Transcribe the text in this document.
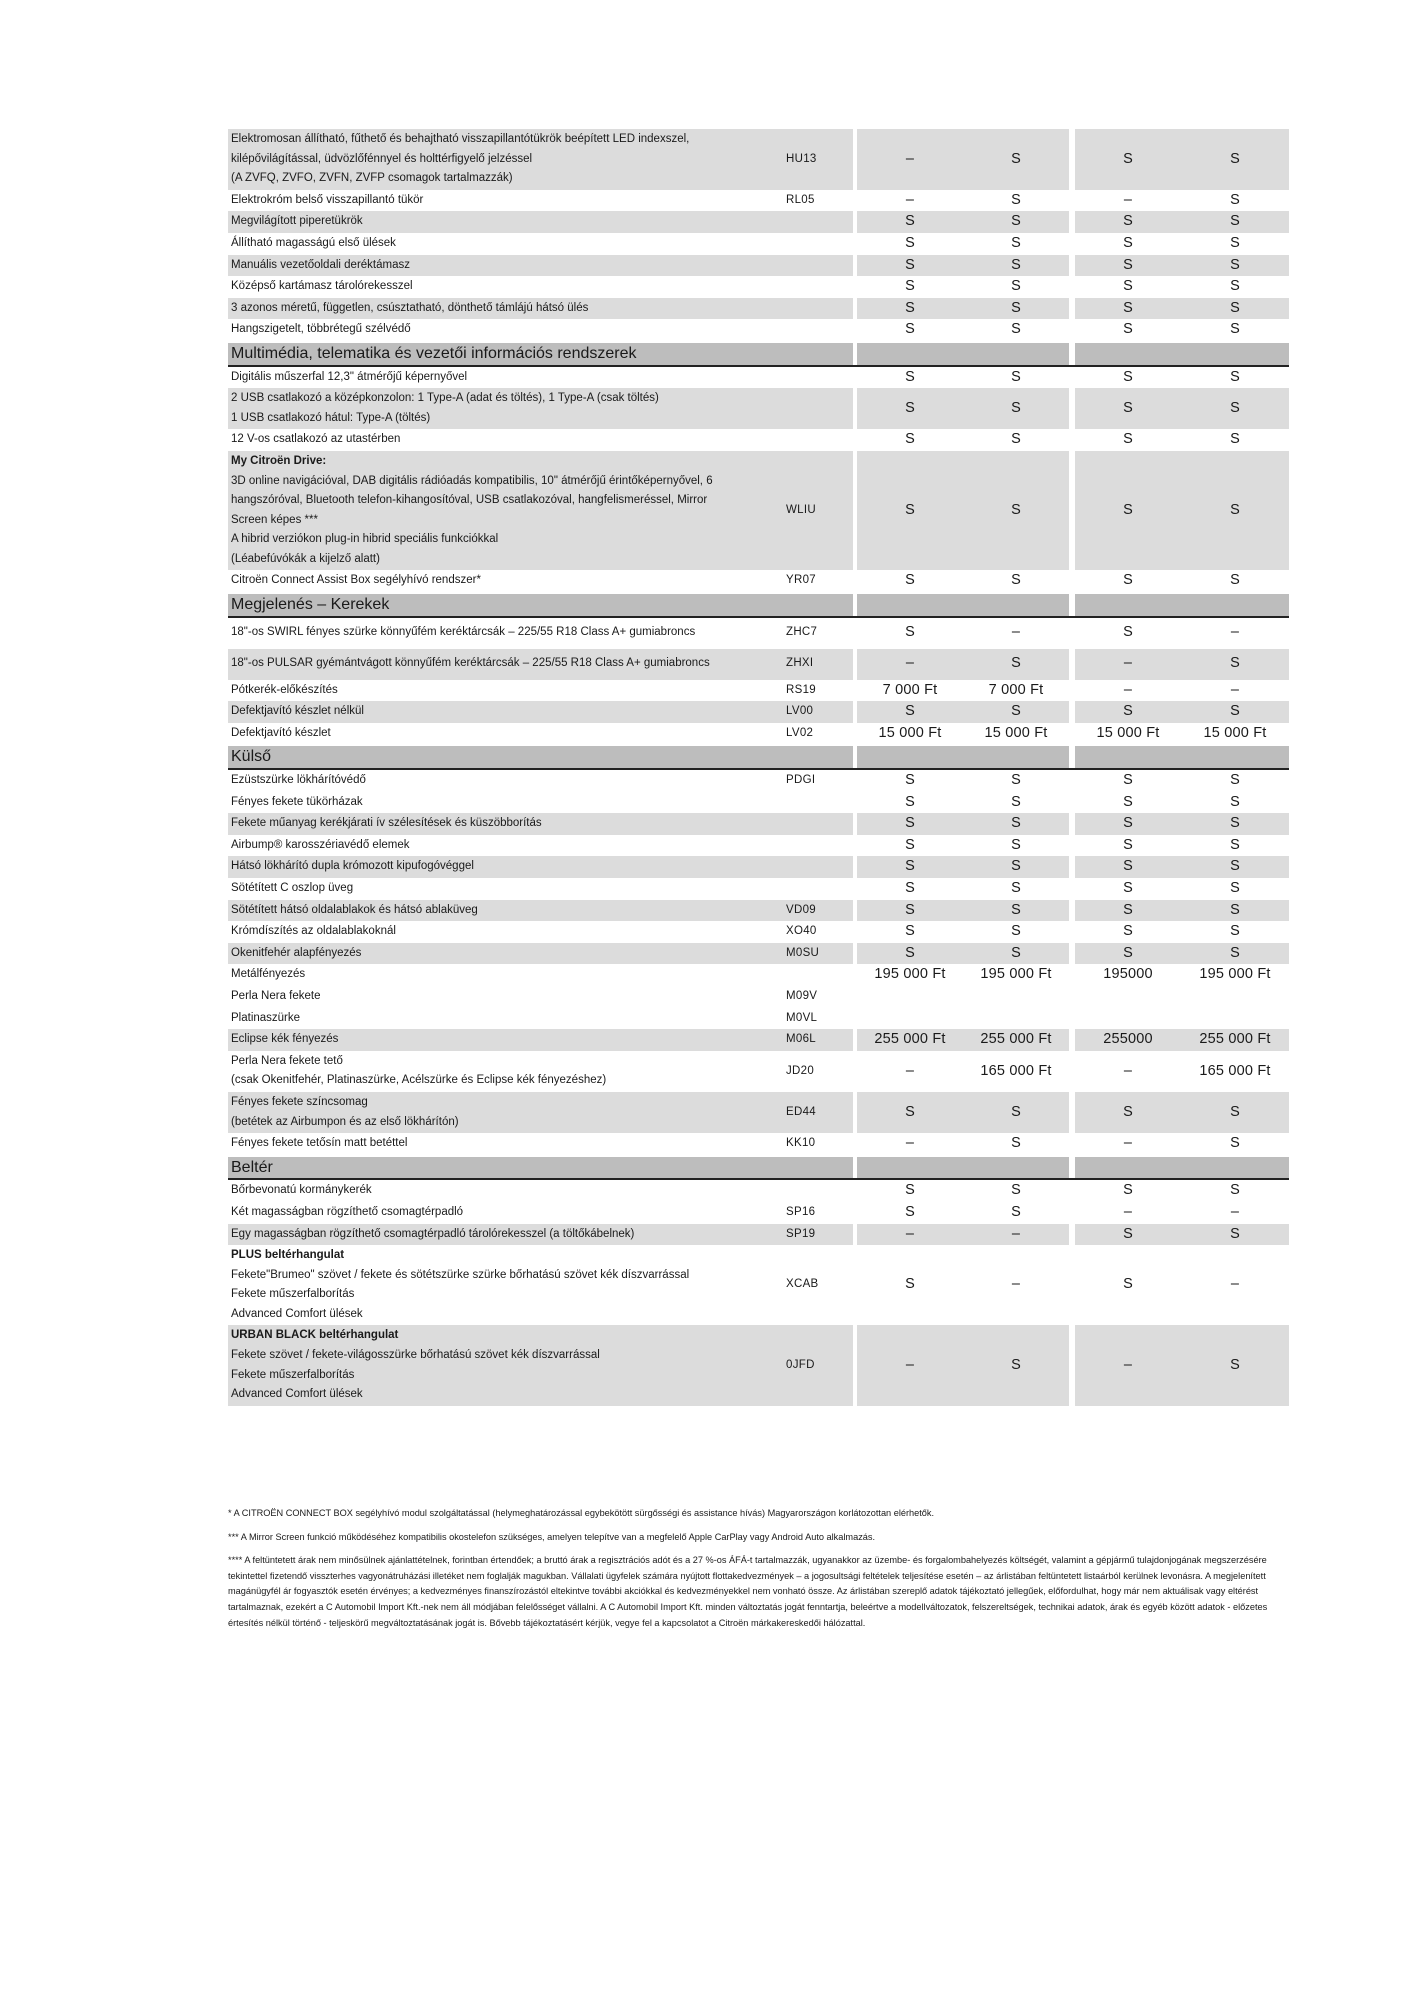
Elektromosan állítható, fűthető és behajtható visszapillantótükrök beépített LED indexszel,
kilépővilágítással, üdvözlőfénnyel és holttérfigyelő jelzéssel
(A ZVFQ, ZVFO, ZVFN, ZVFP csomagok tartalmazzák)
HU13	–	S	S	S
Elektrokróm belső visszapillantó tükör	RL05	–	S	–	S
Megvilágított piperetükrök	S	S	S	S
Állítható magasságú első ülések	S	S	S	S
Manuális vezetőoldali deréktámasz	S	S	S	S
Középső kartámasz tárolórekesszel	S	S	S	S
3 azonos méretű, független, csúsztatható, dönthető támlájú hátsó ülés	S	S	S	S
Hangszigetelt, többrétegű szélvédő	S	S	S	S
Multimédia, telematika és vezetői információs rendszerek
Digitális műszerfal 12,3" átmérőjű képernyővel	S	S	S	S
2 USB csatlakozó a középkonzolon: 1 Type-A (adat és töltés), 1 Type-A (csak töltés)
1 USB csatlakozó hátul: Type-A (töltés)
S	S	S	S
12 V-os csatlakozó az utastérben	S	S	S	S
My Citroën Drive:
3D online navigációval, DAB digitális rádióadás kompatibilis, 10" átmérőjű érintőképernyővel, 6
hangszóróval, Bluetooth telefon-kihangosítóval, USB csatlakozóval, hangfelismeréssel, Mirror
Screen képes ***
A hibrid verziókon plug-in hibrid speciális funkciókkal
(Léabefúvókák a kijelző alatt)
WLIU	S	S	S	S
Citroën Connect Assist Box segélyhívó rendszer*	YR07	S	S	S	S
Megjelenés – Kerekek
18"-os SWIRL fényes szürke könnyűfém keréktárcsák – 225/55 R18 Class A+ gumiabroncs	ZHC7	S	–	S	–
18"-os PULSAR gyémántvágott könnyűfém keréktárcsák – 225/55 R18 Class A+ gumiabroncs	ZHXI	–	S	–	S
Pótkerék-előkészítés	RS19	7 000 Ft	7 000 Ft	–	–
Defektjavító készlet nélkül	LV00	S	S	S	S
Defektjavító készlet	LV02	15 000 Ft	15 000 Ft	15 000 Ft	15 000 Ft
Külső
Ezüstszürke lökhárítóvédő	PDGI	S	S	S	S
Fényes fekete tükörházak	S	S	S	S
Fekete műanyag kerékjárati ív szélesítések és küszöbborítás	S	S	S	S
Airbump® karosszériavédő elemek	S	S	S	S
Hátsó lökhárító dupla krómozott kipufogóvéggel	S	S	S	S
Sötétített C oszlop üveg	S	S	S	S
Sötétített hátsó oldalablakok és hátsó ablaküveg	VD09	S	S	S	S
Krómdíszítés az oldalablakoknál	XO40	S	S	S	S
Okenitfehér alapfényezés	M0SU	S	S	S	S
Metálfényezés	195 000 Ft	195 000 Ft	195000	195 000 Ft
Perla Nera fekete	M09V
Platinaszürke	M0VL
Eclipse kék fényezés	M06L	255 000 Ft	255 000 Ft	255000	255 000 Ft
Perla Nera fekete tető
(csak Okenitfehér, Platinaszürke, Acélszürke és Eclipse kék fényezéshez)
JD20	–	165 000 Ft	–	165 000 Ft
Fényes fekete színcsomag
(betétek az Airbumpon és az első lökhárítón)
ED44	S	S	S	S
Fényes fekete tetősín matt betéttel	KK10	–	S	–	S
Beltér
Bőrbevonatú kormánykerék	S	S	S	S
Két magasságban rögzíthető csomagtérpadló	SP16	S	S	–	–
Egy magasságban rögzíthető csomagtérpadló tárolórekesszel (a töltőkábelnek)	SP19	–	–	S	S
PLUS beltérhangulat
Fekete"Brumeo" szövet / fekete és sötétszürke szürke bőrhatású szövet kék díszvarrással
Fekete műszerfalborítás
Advanced Comfort ülések
XCAB	S	–	S	–
URBAN BLACK beltérhangulat
Fekete szövet / fekete-világosszürke bőrhatású szövet kék díszvarrással
Fekete műszerfalborítás
Advanced Comfort ülések
0JFD	–	S	–	S

* A CITROËN CONNECT BOX segélyhívó modul szolgáltatással (helymeghatározással egybekötött sürgősségi és assistance hívás) Magyarországon korlátozottan elérhetők.

*** A Mirror Screen funkció működéséhez kompatibilis okostelefon szükséges, amelyen telepítve van a megfelelő Apple CarPlay vagy Android Auto alkalmazás.

**** A feltüntetett árak nem minősülnek ajánlattételnek, forintban értendőek; a bruttó árak a regisztrációs adót és a 27 %-os ÁFÁ-t tartalmazzák, ugyanakkor az üzembe- és forgalombahelyezés költségét, valamint a gépjármű tulajdonjogának megszerzésére tekintettel fizetendő visszterhes vagyonátruházási illetéket nem foglalják magukban. Vállalati ügyfelek számára nyújtott flottakedvezmények – a jogosultsági feltételek teljesítése esetén – az árlistában feltüntetett listaárból kerülnek levonásra. A megjelenített magánügyfél ár fogyasztók esetén érvényes; a kedvezményes finanszírozástól eltekintve további akciókkal és kedvezményekkel nem vonható össze. Az árlistában szereplő adatok tájékoztató jellegűek, előfordulhat, hogy már nem aktuálisak vagy eltérést tartalmaznak, ezekért a C Automobil Import Kft.-nek nem áll módjában felelősséget vállalni. A C Automobil Import Kft. minden változtatás jogát fenntartja, beleértve a modellváltozatok, felszereltségek, technikai adatok, árak és egyéb között adatok - előzetes értesítés nélkül történő - teljeskörű megváltoztatásának jogát is. Bővebb tájékoztatásért kérjük, vegye fel a kapcsolatot a Citroën márkakereskedői hálózattal.
